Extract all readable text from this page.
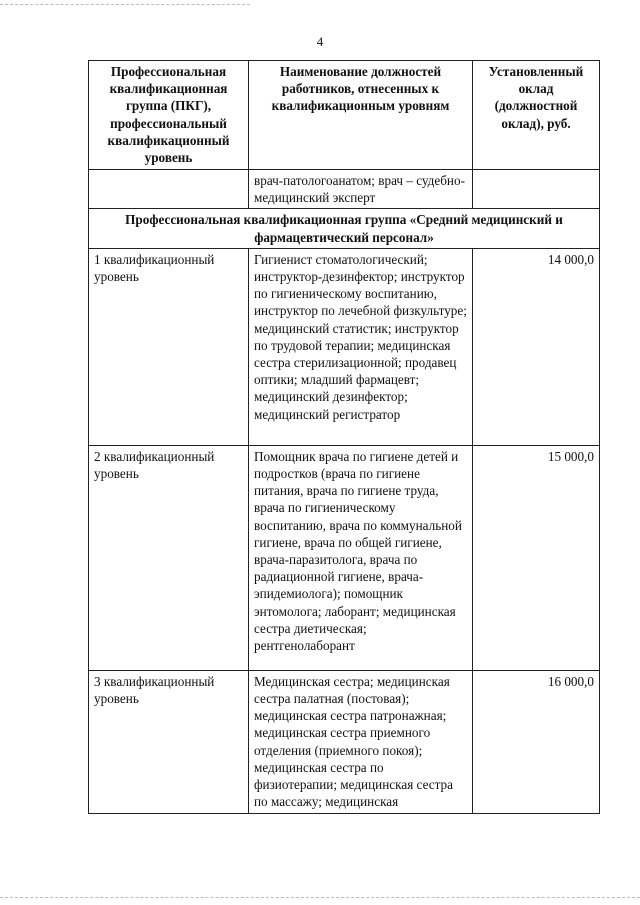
4
Профессиональная квалификационная группа (ПКГ), профессиональный квалификационный уровень	Наименование должностей работников, отнесенных к квалификационным уровням	Установленный оклад (должностной оклад), руб.
	врач-патологоанатом; врач – судебно-медицинский эксперт	
Профессиональная квалификационная группа «Средний медицинский и фармацевтический персонал»		
1 квалификационный уровень	Гигиенист стоматологический; инструктор-дезинфектор; инструктор по гигиеническому воспитанию, инструктор по лечебной физкультуре; медицинский статистик; инструктор по трудовой терапии; медицинская сестра стерилизационной; продавец оптики; младший фармацевт; медицинский дезинфектор; медицинский регистратор	14 000,0
2 квалификационный уровень	Помощник врача по гигиене детей и подростков (врача по гигиене питания, врача по гигиене труда, врача по гигиеническому воспитанию, врача по коммунальной гигиене, врача по общей гигиене, врача-паразитолога, врача по радиационной гигиене, врача-эпидемиолога); помощник энтомолога; лаборант; медицинская сестра диетическая; рентгенолаборант	15 000,0
3 квалификационный уровень	Медицинская сестра; медицинская сестра палатная (постовая); медицинская сестра патронажная; медицинская сестра приемного отделения (приемного покоя); медицинская сестра по физиотерапии; медицинская сестра по массажу; медицинская	16 000,0
